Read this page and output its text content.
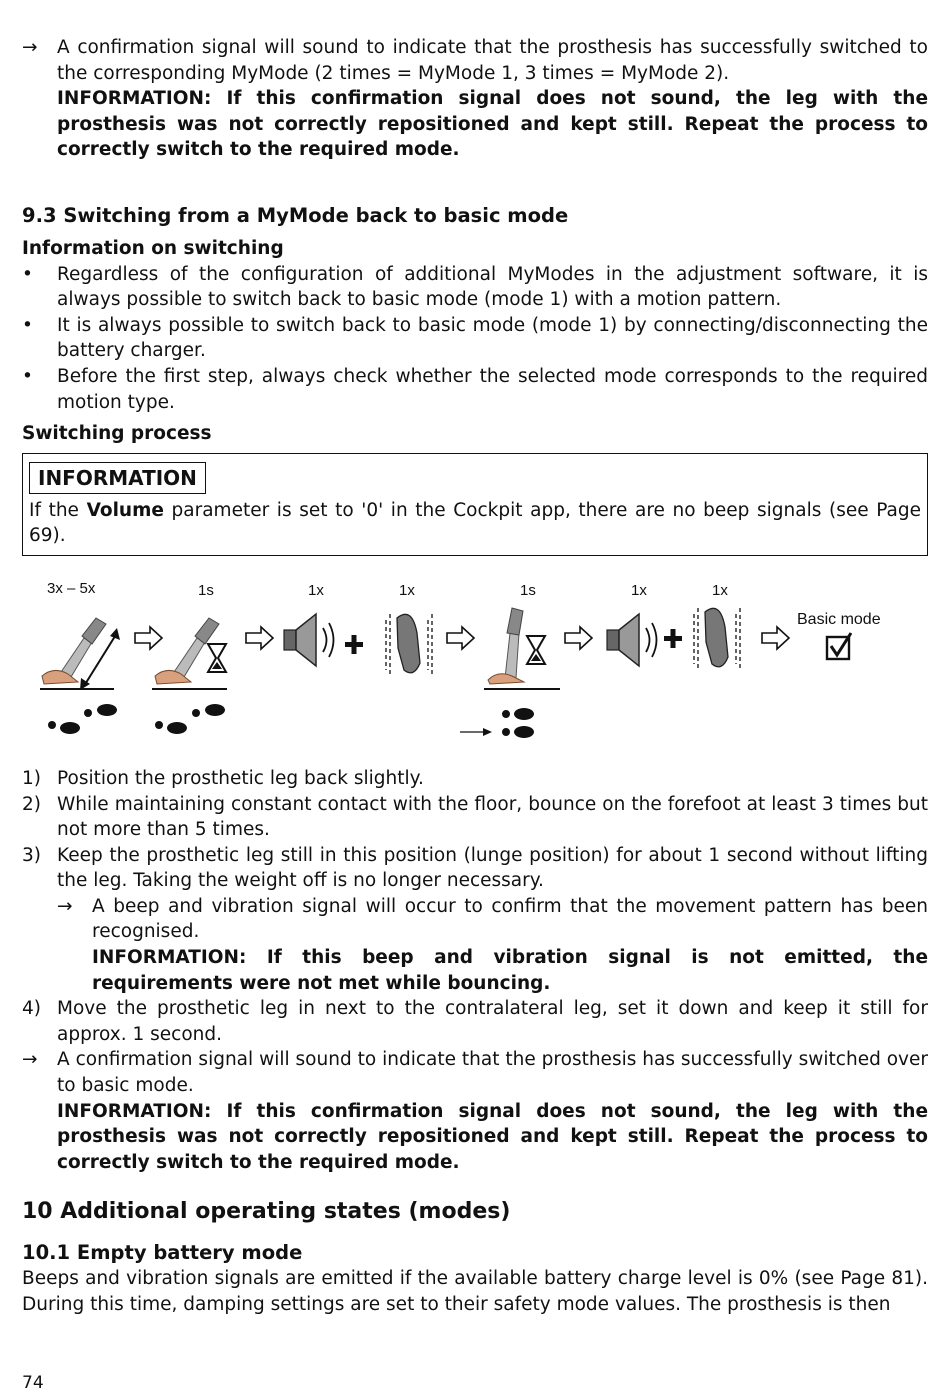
→ A confirmation signal will sound to indicate that the prosthesis has successfully switched to the corresponding MyMode (2 times = MyMode 1, 3 times = MyMode 2).
INFORMATION: If this confirmation signal does not sound, the leg with the prosthesis was not correctly repositioned and kept still. Repeat the process to correctly switch to the required mode.
9.3 Switching from a MyMode back to basic mode
Information on switching
• Regardless of the configuration of additional MyModes in the adjustment software, it is always possible to switch back to basic mode (mode 1) with a motion pattern.
• It is always possible to switch back to basic mode (mode 1) by connecting/disconnecting the battery charger.
• Before the first step, always check whether the selected mode corresponds to the required motion type.
Switching process
INFORMATION
If the Volume parameter is set to '0' in the Cockpit app, there are no beep signals (see Page 69).
3x – 5x	1s	1x	1x	1s	1x	1x
Basic mode
1) Position the prosthetic leg back slightly.
2) While maintaining constant contact with the floor, bounce on the forefoot at least 3 times but not more than 5 times.
3) Keep the prosthetic leg still in this position (lunge position) for about 1 second without lifting the leg. Taking the weight off is no longer necessary.
→ A beep and vibration signal will occur to confirm that the movement pattern has been recognised.
INFORMATION: If this beep and vibration signal is not emitted, the requirements were not met while bouncing.
4) Move the prosthetic leg in next to the contralateral leg, set it down and keep it still for approx. 1 second.
→ A confirmation signal will sound to indicate that the prosthesis has successfully switched over to basic mode.
INFORMATION: If this confirmation signal does not sound, the leg with the prosthesis was not correctly repositioned and kept still. Repeat the process to correctly switch to the required mode.
10 Additional operating states (modes)
10.1 Empty battery mode
Beeps and vibration signals are emitted if the available battery charge level is 0% (see Page 81). During this time, damping settings are set to their safety mode values. The prosthesis is then
74
